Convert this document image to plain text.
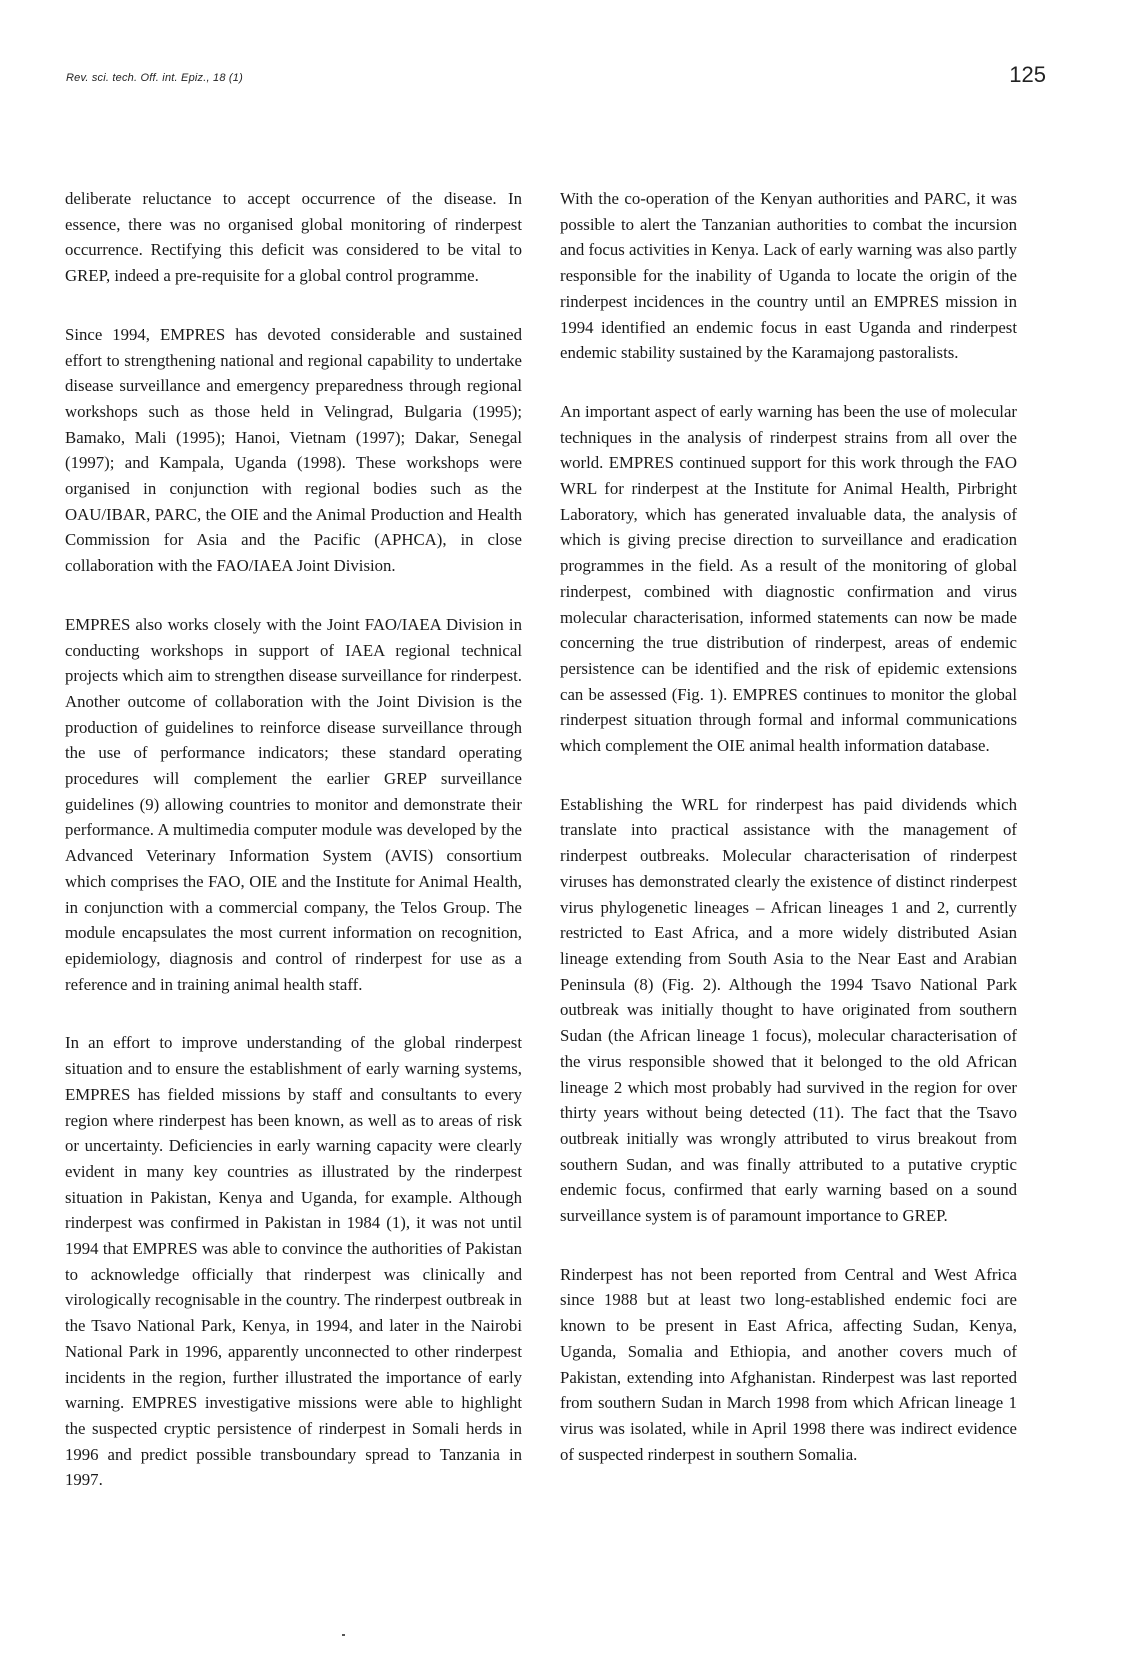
Rev. sci. tech. Off. int. Epiz., 18 (1)	125

deliberate reluctance to accept occurrence of the disease. In essence, there was no organised global monitoring of rinderpest occurrence. Rectifying this deficit was considered to be vital to GREP, indeed a pre-requisite for a global control programme.

Since 1994, EMPRES has devoted considerable and sustained effort to strengthening national and regional capability to undertake disease surveillance and emergency preparedness through regional workshops such as those held in Velingrad, Bulgaria (1995); Bamako, Mali (1995); Hanoi, Vietnam (1997); Dakar, Senegal (1997); and Kampala, Uganda (1998). These workshops were organised in conjunction with regional bodies such as the OAU/IBAR, PARC, the OIE and the Animal Production and Health Commission for Asia and the Pacific (APHCA), in close collaboration with the FAO/IAEA Joint Division.

EMPRES also works closely with the Joint FAO/IAEA Division in conducting workshops in support of IAEA regional technical projects which aim to strengthen disease surveillance for rinderpest. Another outcome of collaboration with the Joint Division is the production of guidelines to reinforce disease surveillance through the use of performance indicators; these standard operating procedures will complement the earlier GREP surveillance guidelines (9) allowing countries to monitor and demonstrate their performance. A multimedia computer module was developed by the Advanced Veterinary Information System (AVIS) consortium which comprises the FAO, OIE and the Institute for Animal Health, in conjunction with a commercial company, the Telos Group. The module encapsulates the most current information on recognition, epidemiology, diagnosis and control of rinderpest for use as a reference and in training animal health staff.

In an effort to improve understanding of the global rinderpest situation and to ensure the establishment of early warning systems, EMPRES has fielded missions by staff and consultants to every region where rinderpest has been known, as well as to areas of risk or uncertainty. Deficiencies in early warning capacity were clearly evident in many key countries as illustrated by the rinderpest situation in Pakistan, Kenya and Uganda, for example. Although rinderpest was confirmed in Pakistan in 1984 (1), it was not until 1994 that EMPRES was able to convince the authorities of Pakistan to acknowledge officially that rinderpest was clinically and virologically recognisable in the country. The rinderpest outbreak in the Tsavo National Park, Kenya, in 1994, and later in the Nairobi National Park in 1996, apparently unconnected to other rinderpest incidents in the region, further illustrated the importance of early warning. EMPRES investigative missions were able to highlight the suspected cryptic persistence of rinderpest in Somali herds in 1996 and predict possible transboundary spread to Tanzania in 1997.

With the co-operation of the Kenyan authorities and PARC, it was possible to alert the Tanzanian authorities to combat the incursion and focus activities in Kenya. Lack of early warning was also partly responsible for the inability of Uganda to locate the origin of the rinderpest incidences in the country until an EMPRES mission in 1994 identified an endemic focus in east Uganda and rinderpest endemic stability sustained by the Karamajong pastoralists.

An important aspect of early warning has been the use of molecular techniques in the analysis of rinderpest strains from all over the world. EMPRES continued support for this work through the FAO WRL for rinderpest at the Institute for Animal Health, Pirbright Laboratory, which has generated invaluable data, the analysis of which is giving precise direction to surveillance and eradication programmes in the field. As a result of the monitoring of global rinderpest, combined with diagnostic confirmation and virus molecular characterisation, informed statements can now be made concerning the true distribution of rinderpest, areas of endemic persistence can be identified and the risk of epidemic extensions can be assessed (Fig. 1). EMPRES continues to monitor the global rinderpest situation through formal and informal communications which complement the OIE animal health information database.

Establishing the WRL for rinderpest has paid dividends which translate into practical assistance with the management of rinderpest outbreaks. Molecular characterisation of rinderpest viruses has demonstrated clearly the existence of distinct rinderpest virus phylogenetic lineages – African lineages 1 and 2, currently restricted to East Africa, and a more widely distributed Asian lineage extending from South Asia to the Near East and Arabian Peninsula (8) (Fig. 2). Although the 1994 Tsavo National Park outbreak was initially thought to have originated from southern Sudan (the African lineage 1 focus), molecular characterisation of the virus responsible showed that it belonged to the old African lineage 2 which most probably had survived in the region for over thirty years without being detected (11). The fact that the Tsavo outbreak initially was wrongly attributed to virus breakout from southern Sudan, and was finally attributed to a putative cryptic endemic focus, confirmed that early warning based on a sound surveillance system is of paramount importance to GREP.

Rinderpest has not been reported from Central and West Africa since 1988 but at least two long-established endemic foci are known to be present in East Africa, affecting Sudan, Kenya, Uganda, Somalia and Ethiopia, and another covers much of Pakistan, extending into Afghanistan. Rinderpest was last reported from southern Sudan in March 1998 from which African lineage 1 virus was isolated, while in April 1998 there was indirect evidence of suspected rinderpest in southern Somalia.
